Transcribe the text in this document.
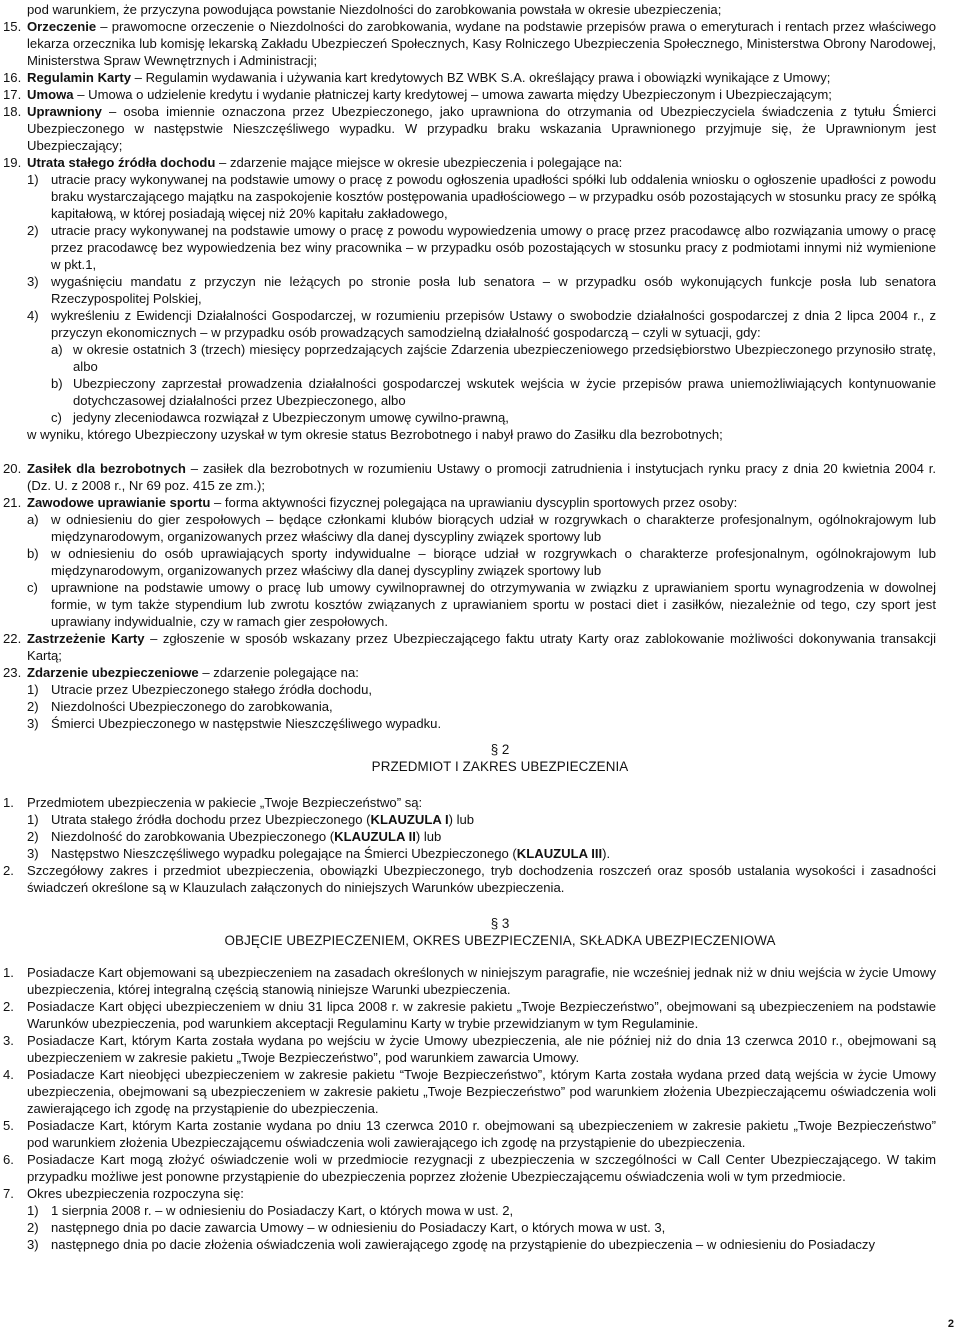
pod warunkiem, że przyczyna powodująca powstanie Niezdolności do zarobkowania powstała w okresie ubezpieczenia;
15. Orzeczenie – prawomocne orzeczenie o Niezdolności do zarobkowania, wydane na podstawie przepisów prawa o emeryturach i rentach przez właściwego lekarza orzecznika lub komisję lekarską Zakładu Ubezpieczeń Społecznych, Kasy Rolniczego Ubezpieczenia Społecznego, Ministerstwa Obrony Narodowej, Ministerstwa Spraw Wewnętrznych i Administracji;
16. Regulamin Karty – Regulamin wydawania i używania kart kredytowych BZ WBK S.A. określający prawa i obowiązki wynikające z Umowy;
17. Umowa – Umowa o udzielenie kredytu i wydanie płatniczej karty kredytowej – umowa zawarta między Ubezpieczonym i Ubezpieczającym;
18. Uprawniony – osoba imiennie oznaczona przez Ubezpieczonego, jako uprawniona do otrzymania od Ubezpieczyciela świadczenia z tytułu Śmierci Ubezpieczonego w następstwie Nieszczęśliwego wypadku. W przypadku braku wskazania Uprawnionego przyjmuje się, że Uprawnionym jest Ubezpieczający;
19. Utrata stałego źródła dochodu – zdarzenie mające miejsce w okresie ubezpieczenia i polegające na:
1) utracie pracy wykonywanej na podstawie umowy o pracę z powodu ogłoszenia upadłości spółki lub oddalenia wniosku o ogłoszenie upadłości z powodu braku wystarczającego majątku na zaspokojenie kosztów postępowania upadłościowego – w przypadku osób pozostających w stosunku pracy ze spółką kapitałową, w której posiadają więcej niż 20% kapitału zakładowego,
2) utracie pracy wykonywanej na podstawie umowy o pracę z powodu wypowiedzenia umowy o pracę przez pracodawcę albo rozwiązania umowy o pracę przez pracodawcę bez wypowiedzenia bez winy pracownika – w przypadku osób pozostających w stosunku pracy z podmiotami innymi niż wymienione w pkt.1,
3) wygaśnięciu mandatu z przyczyn nie leżących po stronie posła lub senatora – w przypadku osób wykonujących funkcje posła lub senatora Rzeczypospolitej Polskiej,
4) wykreśleniu z Ewidencji Działalności Gospodarczej, w rozumieniu przepisów Ustawy o swobodzie działalności gospodarczej z dnia 2 lipca 2004 r., z przyczyn ekonomicznych – w przypadku osób prowadzących samodzielną działalność gospodarczą – czyli w sytuacji, gdy:
a) w okresie ostatnich 3 (trzech) miesięcy poprzedzających zajście Zdarzenia ubezpieczeniowego przedsiębiorstwo Ubezpieczonego przynosiło stratę, albo
b) Ubezpieczony zaprzestał prowadzenia działalności gospodarczej wskutek wejścia w życie przepisów prawa uniemożliwiających kontynuowanie dotychczasowej działalności przez Ubezpieczonego, albo
c) jedyny zleceniodawca rozwiązał z Ubezpieczonym umowę cywilno-prawną,
w wyniku, którego Ubezpieczony uzyskał w tym okresie status Bezrobotnego i nabył prawo do Zasiłku dla bezrobotnych;
20. Zasiłek dla bezrobotnych – zasiłek dla bezrobotnych w rozumieniu Ustawy o promocji zatrudnienia i instytucjach rynku pracy z dnia 20 kwietnia 2004 r. (Dz. U. z 2008 r., Nr 69 poz. 415 ze zm.);
21. Zawodowe uprawianie sportu – forma aktywności fizycznej polegająca na uprawianiu dyscyplin sportowych przez osoby:
a) w odniesieniu do gier zespołowych – będące członkami klubów biorących udział w rozgrywkach o charakterze profesjonalnym, ogólnokrajowym lub międzynarodowym, organizowanych przez właściwy dla danej dyscypliny związek sportowy lub
b) w odniesieniu do osób uprawiających sporty indywidualne – biorące udział w rozgrywkach o charakterze profesjonalnym, ogólnokrajowym lub międzynarodowym, organizowanych przez właściwy dla danej dyscypliny związek sportowy lub
c) uprawnione na podstawie umowy o pracę lub umowy cywilnoprawnej do otrzymywania w związku z uprawianiem sportu wynagrodzenia w dowolnej formie, w tym także stypendium lub zwrotu kosztów związanych z uprawianiem sportu w postaci diet i zasiłków, niezależnie od tego, czy sport jest uprawiany indywidualnie, czy w ramach gier zespołowych.
22. Zastrzeżenie Karty – zgłoszenie w sposób wskazany przez Ubezpieczającego faktu utraty Karty oraz zablokowanie możliwości dokonywania transakcji Kartą;
23. Zdarzenie ubezpieczeniowe – zdarzenie polegające na:
1) Utracie przez Ubezpieczonego stałego źródła dochodu,
2) Niezdolności Ubezpieczonego do zarobkowania,
3) Śmierci Ubezpieczonego w następstwie Nieszczęśliwego wypadku.
§ 2
PRZEDMIOT I ZAKRES UBEZPIECZENIA
1. Przedmiotem ubezpieczenia w pakiecie „Twoje Bezpieczeństwo” są:
1) Utrata stałego źródła dochodu przez Ubezpieczonego (KLAUZULA I) lub
2) Niezdolność do zarobkowania Ubezpieczonego (KLAUZULA II) lub
3) Następstwo Nieszczęśliwego wypadku polegające na Śmierci Ubezpieczonego (KLAUZULA III).
2. Szczegółowy zakres i przedmiot ubezpieczenia, obowiązki Ubezpieczonego, tryb dochodzenia roszczeń oraz sposób ustalania wysokości i zasadności świadczeń określone są w Klauzulach załączonych do niniejszych Warunków ubezpieczenia.
§ 3
OBJĘCIE UBEZPIECZENIEM, OKRES UBEZPIECZENIA, SKŁADKA UBEZPIECZENIOWA
1. Posiadacze Kart objemowani są ubezpieczeniem na zasadach określonych w niniejszym paragrafie, nie wcześniej jednak niż w dniu wejścia w życie Umowy ubezpieczenia, której integralną częścią stanowią niniejsze Warunki ubezpieczenia.
2. Posiadacze Kart objęci ubezpieczeniem w dniu 31 lipca 2008 r. w zakresie pakietu „Twoje Bezpieczeństwo”, obejmowani są ubezpieczeniem na podstawie Warunków ubezpieczenia, pod warunkiem akceptacji Regulaminu Karty w trybie przewidzianym w tym Regulaminie.
3. Posiadacze Kart, którym Karta została wydana po wejściu w życie Umowy ubezpieczenia, ale nie później niż do dnia 13 czerwca 2010 r., obejmowani są ubezpieczeniem w zakresie pakietu „Twoje Bezpieczeństwo”, pod warunkiem zawarcia Umowy.
4. Posiadacze Kart nieobjęci ubezpieczeniem w zakresie pakietu “Twoje Bezpieczeństwo”, którym Karta została wydana przed datą wejścia w życie Umowy ubezpieczenia, obejmowani są ubezpieczeniem w zakresie pakietu „Twoje Bezpieczeństwo” pod warunkiem złożenia Ubezpieczającemu oświadczenia woli zawierającego ich zgodę na przystąpienie do ubezpieczenia.
5. Posiadacze Kart, którym Karta zostanie wydana po dniu 13 czerwca 2010 r. obejmowani są ubezpieczeniem w zakresie pakietu „Twoje Bezpieczeństwo” pod warunkiem złożenia Ubezpieczającemu oświadczenia woli zawierającego ich zgodę na przystąpienie do ubezpieczenia.
6. Posiadacze Kart mogą złożyć oświadczenie woli w przedmiocie rezygnacji z ubezpieczenia w szczególności w Call Center Ubezpieczającego. W takim przypadku możliwe jest ponowne przystąpienie do ubezpieczenia poprzez złożenie Ubezpieczającemu oświadczenia woli w tym przedmiocie.
7. Okres ubezpieczenia rozpoczyna się:
1) 1 sierpnia 2008 r. – w odniesieniu do Posiadaczy Kart, o których mowa w ust. 2,
2) następnego dnia po dacie zawarcia Umowy – w odniesieniu do Posiadaczy Kart, o których mowa w ust. 3,
3) następnego dnia po dacie złożenia oświadczenia woli zawierającego zgodę na przystąpienie do ubezpieczenia – w odniesieniu do Posiadaczy
2
